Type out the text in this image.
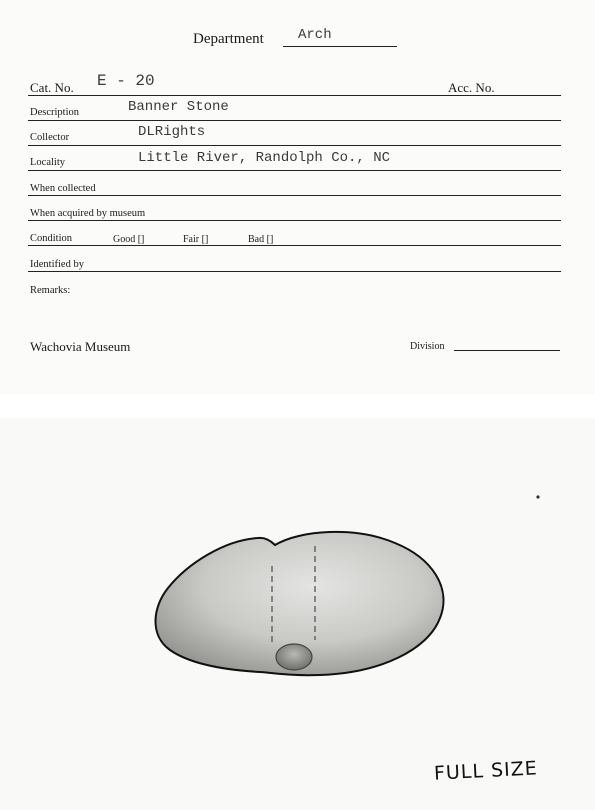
Department Arch
Cat. No. E - 20	Acc. No.
Description	Banner Stone
Collector	DLRights
Locality	Little River, Randolph Co., NC
When collected
When acquired by museum
Condition	Good []	Fair []	Bad []
Identified by
Remarks:
Wachovia Museum	Division
FULL SIZE
